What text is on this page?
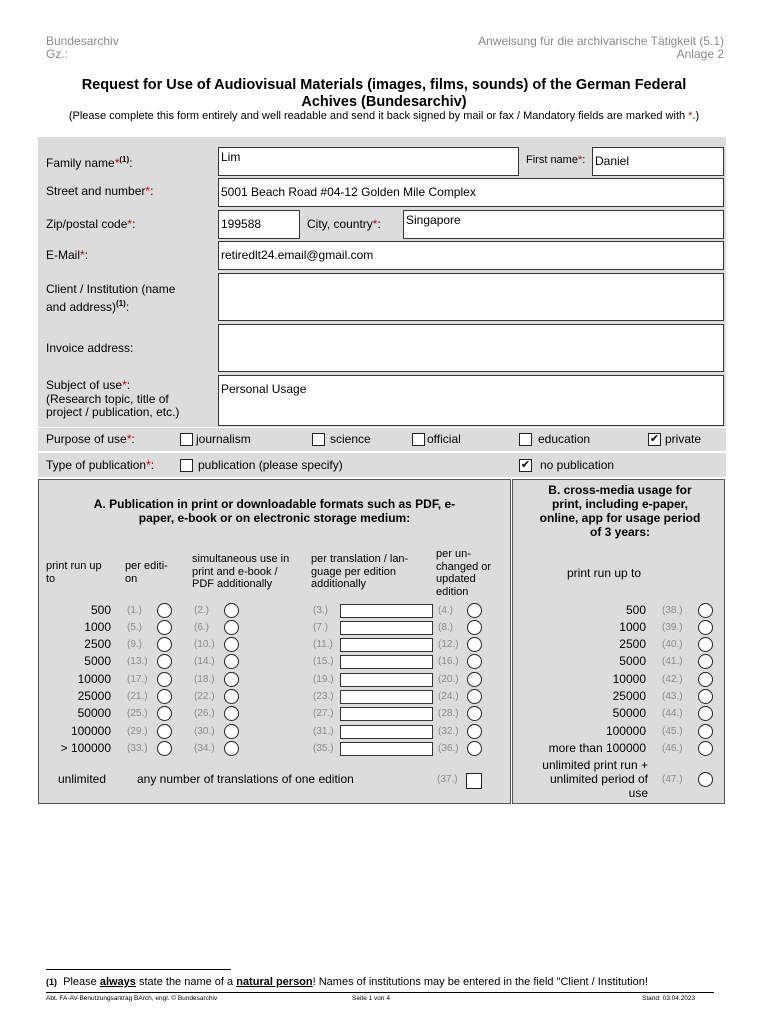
Bundesarchiv
Gz.:
Anweisung für die archivarische Tätigkeit (5.1)
Anlage 2
Request for Use of Audiovisual Materials (images, films, sounds) of the German Federal
Achives (Bundesarchiv)
(Please complete this form entirely and well readable and send it back signed by mail or fax / Mandatory fields are marked with *.)
Family name*$^{(1)}$:	Lim	First name*: Daniel
Street and number*:	5001 Beach Road #04-12 Golden Mile Complex
Zip/postal code*:	199588	City, country*: Singapore
E-Mail*:	retiredlt24.email@gmail.com
Client / Institution (name
and address)$^{(1)}$:
Invoice address:
Subject of use*:
(Research topic, title of
project / publication, etc.)
Personal Usage
Purpose of use*:	journalism	science	official	education	✔ private
Type of publication*:	publication (please specify)	✔ no publication
A. Publication in print or downloadable formats such as PDF, e-
paper, e-book or on electronic storage medium:
print run up
to
per editi-
on
simultaneous use in
print and e-book /
PDF additionally
per translation / lan-
guage per edition
additionally
per un-
changed or
updated
edition
500 (1.)	(2.)	(3.)	(4.)
1000 (5.)	(6.)	(7.)	(8.)
2500 (9.)	(10.)	(11.)	(12.)
5000 (13.)	(14.)	(15.)	(16.)
10000 (17.)	(18.)	(19.)	(20.)
25000 (21.)	(22.)	(23.)	(24.)
50000 (25.)	(26.)	(27.)	(28.)
100000 (29.)	(30.)	(31.)	(32.)
> 100000 (33.)	(34.)	(35.)	(36.)
unlimited	any number of translations of one edition	(37.)
B. cross-media usage for
print, including e-paper,
online, app for usage period
of 3 years:
print run up to
500 (38.)
1000 (39.)
2500 (40.)
5000 (41.)
10000 (42.)
25000 (43.)
50000 (44.)
100000 (45.)
more than 100000 (46.)
unlimited print run +
unlimited period of
use
(47.)
(1) Please always state the name of a natural person! Names of institutions may be entered in the field "Client / Institution!
Abt. FA-AV-Benutzungsantrag BArch, engl. © Bundesarchiv	Seite 1 von 4	Stand: 03.04.2023
